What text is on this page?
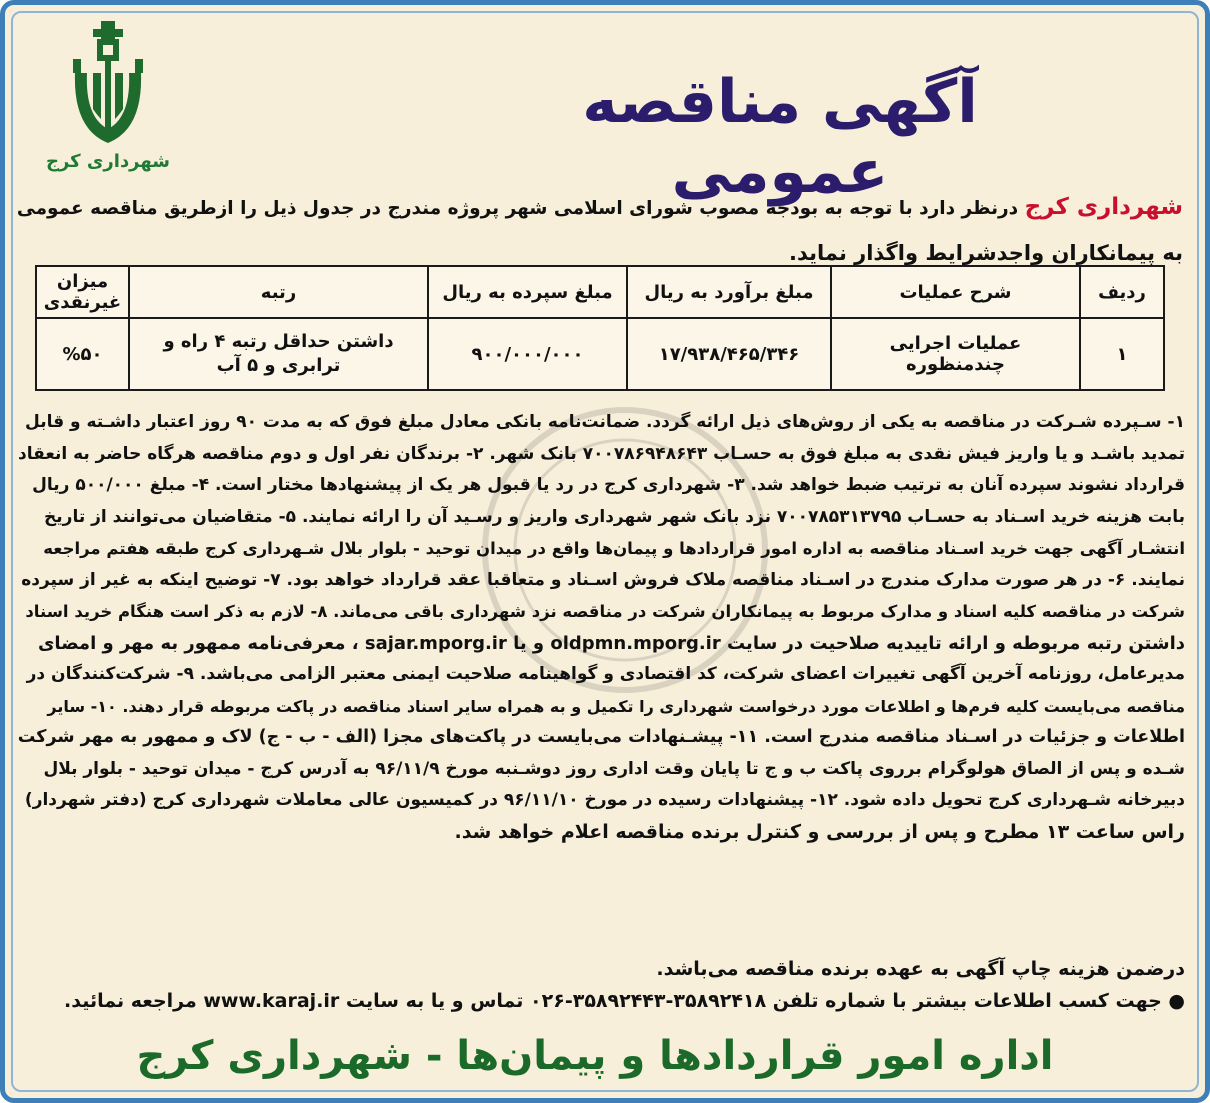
شهرداری کرج
آگهی مناقصه عمومی	شهرداری کرج درنظر دارد با توجه به بودجه مصوب شورای اسلامی شهر پروژه مندرج در جدول ذیل را ازطریق مناقصه عمومی
به پیمانکاران واجدشرایط واگذار نماید.
ردیف	شرح عملیات	مبلغ برآورد به ریال	مبلغ سپرده به ریال	رتبه	میزان غیرنقدی
۱	عملیات اجرایی چندمنظوره	۱۷/۹۳۸/۴۶۵/۳۴۶	۹۰۰/۰۰۰/۰۰۰	داشتن حداقل رتبه ۴ راه و ترابری و ۵ آب	%۵۰
۱- سـپرده شـرکت در مناقصه به یکی از روش‌های ذیل ارائه گردد. ضمانت‌نامه بانکی معادل مبلغ فوق که به مدت ۹۰ روز اعتبار داشـته و قابل
تمدید باشـد و یا واریز فیش نقدی به مبلغ فوق به حسـاب ۷۰۰۷۸۶۹۴۸۶۴۳ بانک شهر. ۲- برندگان نفر اول و دوم مناقصه هرگاه حاضر به انعقاد
قرارداد نشوند سپرده آنان به ترتیب ضبط خواهد شد. ۳- شهرداری کرج در رد یا قبول هر یک از پیشنهادها مختار است. ۴- مبلغ ۵۰۰/۰۰۰ ریال
بابت هزینه خرید اسـناد به حسـاب ۷۰۰۷۸۵۳۱۳۷۹۵ نزد بانک شهر شهرداری واریز و رسـید آن را ارائه نمایند. ۵- متقاضیان می‌توانند از تاریخ
انتشـار آگهی جهت خرید اسـناد مناقصه به اداره امور قراردادها و پیمان‌ها واقع در میدان توحید - بلوار بلال شـهرداری کرج طبقه هفتم مراجعه
نمایند. ۶- در هر صورت مدارک مندرج در اسـناد مناقصه ملاک فروش اسـناد و متعاقبا عقد قرارداد خواهد بود. ۷- توضیح اینکه به غیر از سپرده
شرکت در مناقصه کلیه اسناد و مدارک مربوط به پیمانکاران شرکت در مناقصه نزد شهرداری باقی می‌ماند. ۸- لازم به ذکر است هنگام خرید اسناد
داشتن رتبه مربوطه و ارائه تاییدیه صلاحیت در سایت oldpmn.mporg.ir و یا sajar.mporg.ir ، معرفی‌نامه ممهور به مهر و امضای
مدیرعامل، روزنامه آخرین آگهی تغییرات اعضای شرکت، کد اقتصادی و گواهینامه صلاحیت ایمنی معتبر الزامی می‌باشد. ۹- شرکت‌کنندگان در
مناقصه می‌بایست کلیه فرم‌ها و اطلاعات مورد درخواست شهرداری را تکمیل و به همراه سایر اسناد مناقصه در پاکت مربوطه قرار دهند. ۱۰- سایر
اطلاعات و جزئیات در اسـناد مناقصه مندرج است. ۱۱- پیشـنهادات می‌بایست در پاکت‌های مجزا (الف - ب - ج) لاک و ممهور به مهر شرکت
شـده و پس از الصاق هولوگرام برروی پاکت ب و ج تا پایان وقت اداری روز دوشـنبه مورخ ۹۶/۱۱/۹ به آدرس کرج - میدان توحید - بلوار بلال
دبیرخانه شـهرداری کرج تحویل داده شود. ۱۲- پیشنهادات رسیده در مورخ ۹۶/۱۱/۱۰ در کمیسیون عالی معاملات شهرداری کرج (دفتر شهردار)
راس ساعت ۱۳ مطرح و پس از بررسی و کنترل برنده مناقصه اعلام خواهد شد.
درضمن هزینه چاپ آگهی به عهده برنده مناقصه می‌باشد.
● جهت کسب اطلاعات بیشتر با شماره تلفن ۳۵۸۹۲۴۱۸-۳۵۸۹۲۴۴۳-۰۲۶ تماس و یا به سایت www.karaj.ir مراجعه نمائید.
اداره امور قراردادها و پیمان‌ها - شهرداری کرج
